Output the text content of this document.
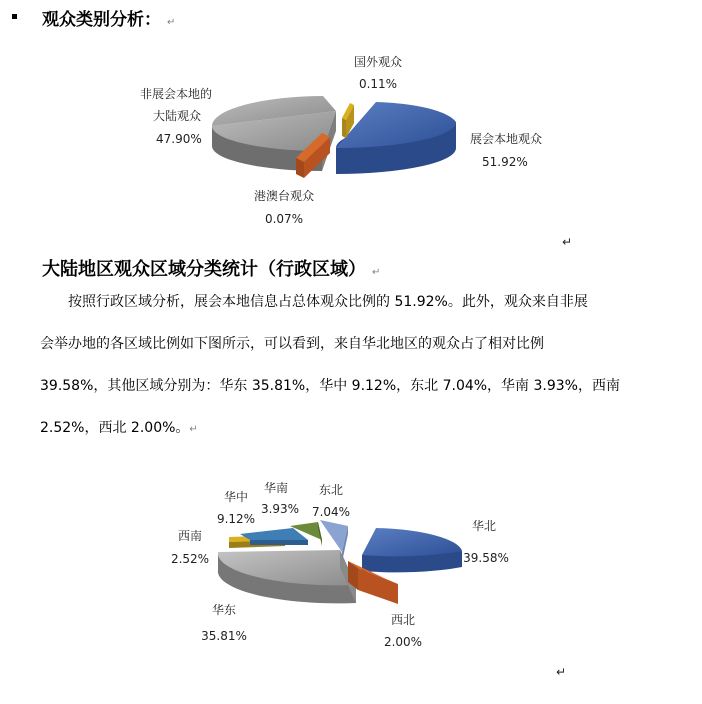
观众类别分析： ↵
国外观众
0.11%
展会本地观众
51.92%
非展会本地的
大陆观众
47.90%
港澳台观众
0.07%
↵
大陆地区观众区域分类统计（行政区域） ↵
　　按照行政区域分析，展会本地信息占总体观众比例的 51.92%。此外，观众来自非展
会举办地的各区域比例如下图所示，可以看到，来自华北地区的观众占了相对比例
39.58%，其他区域分别为：华东 35.81%，华中 9.12%，东北 7.04%，华南 3.93%，西南
2.52%，西北 2.00%。↵
华北
39.58%
东北
7.04%
华南
3.93%
华中
9.12%
西南
2.52%
华东
35.81%
西北
2.00%
↵
